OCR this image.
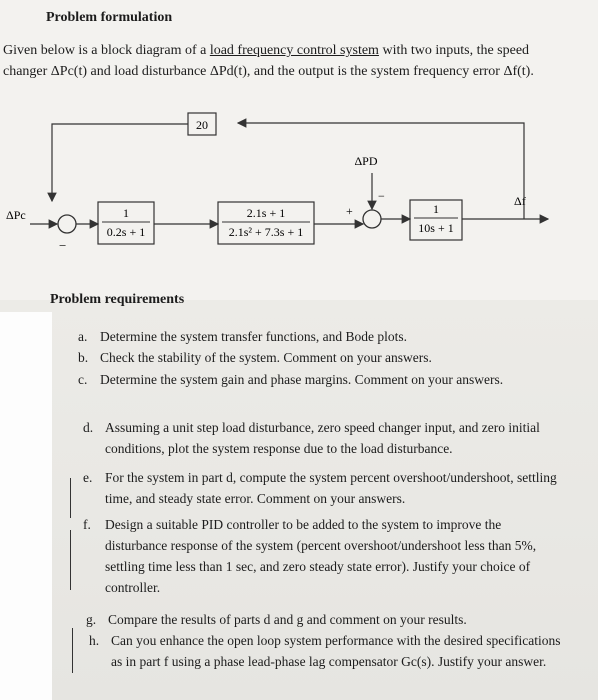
Problem formulation
Given below is a block diagram of a load frequency control system with two inputs, the speed
changer ΔPc(t) and load disturbance ΔPd(t), and the output is the system frequency error Δf(t).
ΔPc
−
1
0.2s + 1
2.1s + 1
2.1s² + 7.3s + 1
+
−
ΔPD
1
10s + 1
Δf
20
Problem requirements
a. Determine the system transfer functions, and Bode plots.
b. Check the stability of the system. Comment on your answers.
c. Determine the system gain and phase margins. Comment on your answers.
d. Assuming a unit step load disturbance, zero speed changer input, and zero initial
conditions, plot the system response due to the load disturbance.
e. For the system in part d, compute the system percent overshoot/undershoot, settling
time, and steady state error. Comment on your answers.
f. Design a suitable PID controller to be added to the system to improve the
disturbance response of the system (percent overshoot/undershoot less than 5%,
settling time less than 1 sec, and zero steady state error). Justify your choice of
controller.
g. Compare the results of parts d and g and comment on your results.
h. Can you enhance the open loop system performance with the desired specifications
as in part f using a phase lead-phase lag compensator Gc(s). Justify your answer.
